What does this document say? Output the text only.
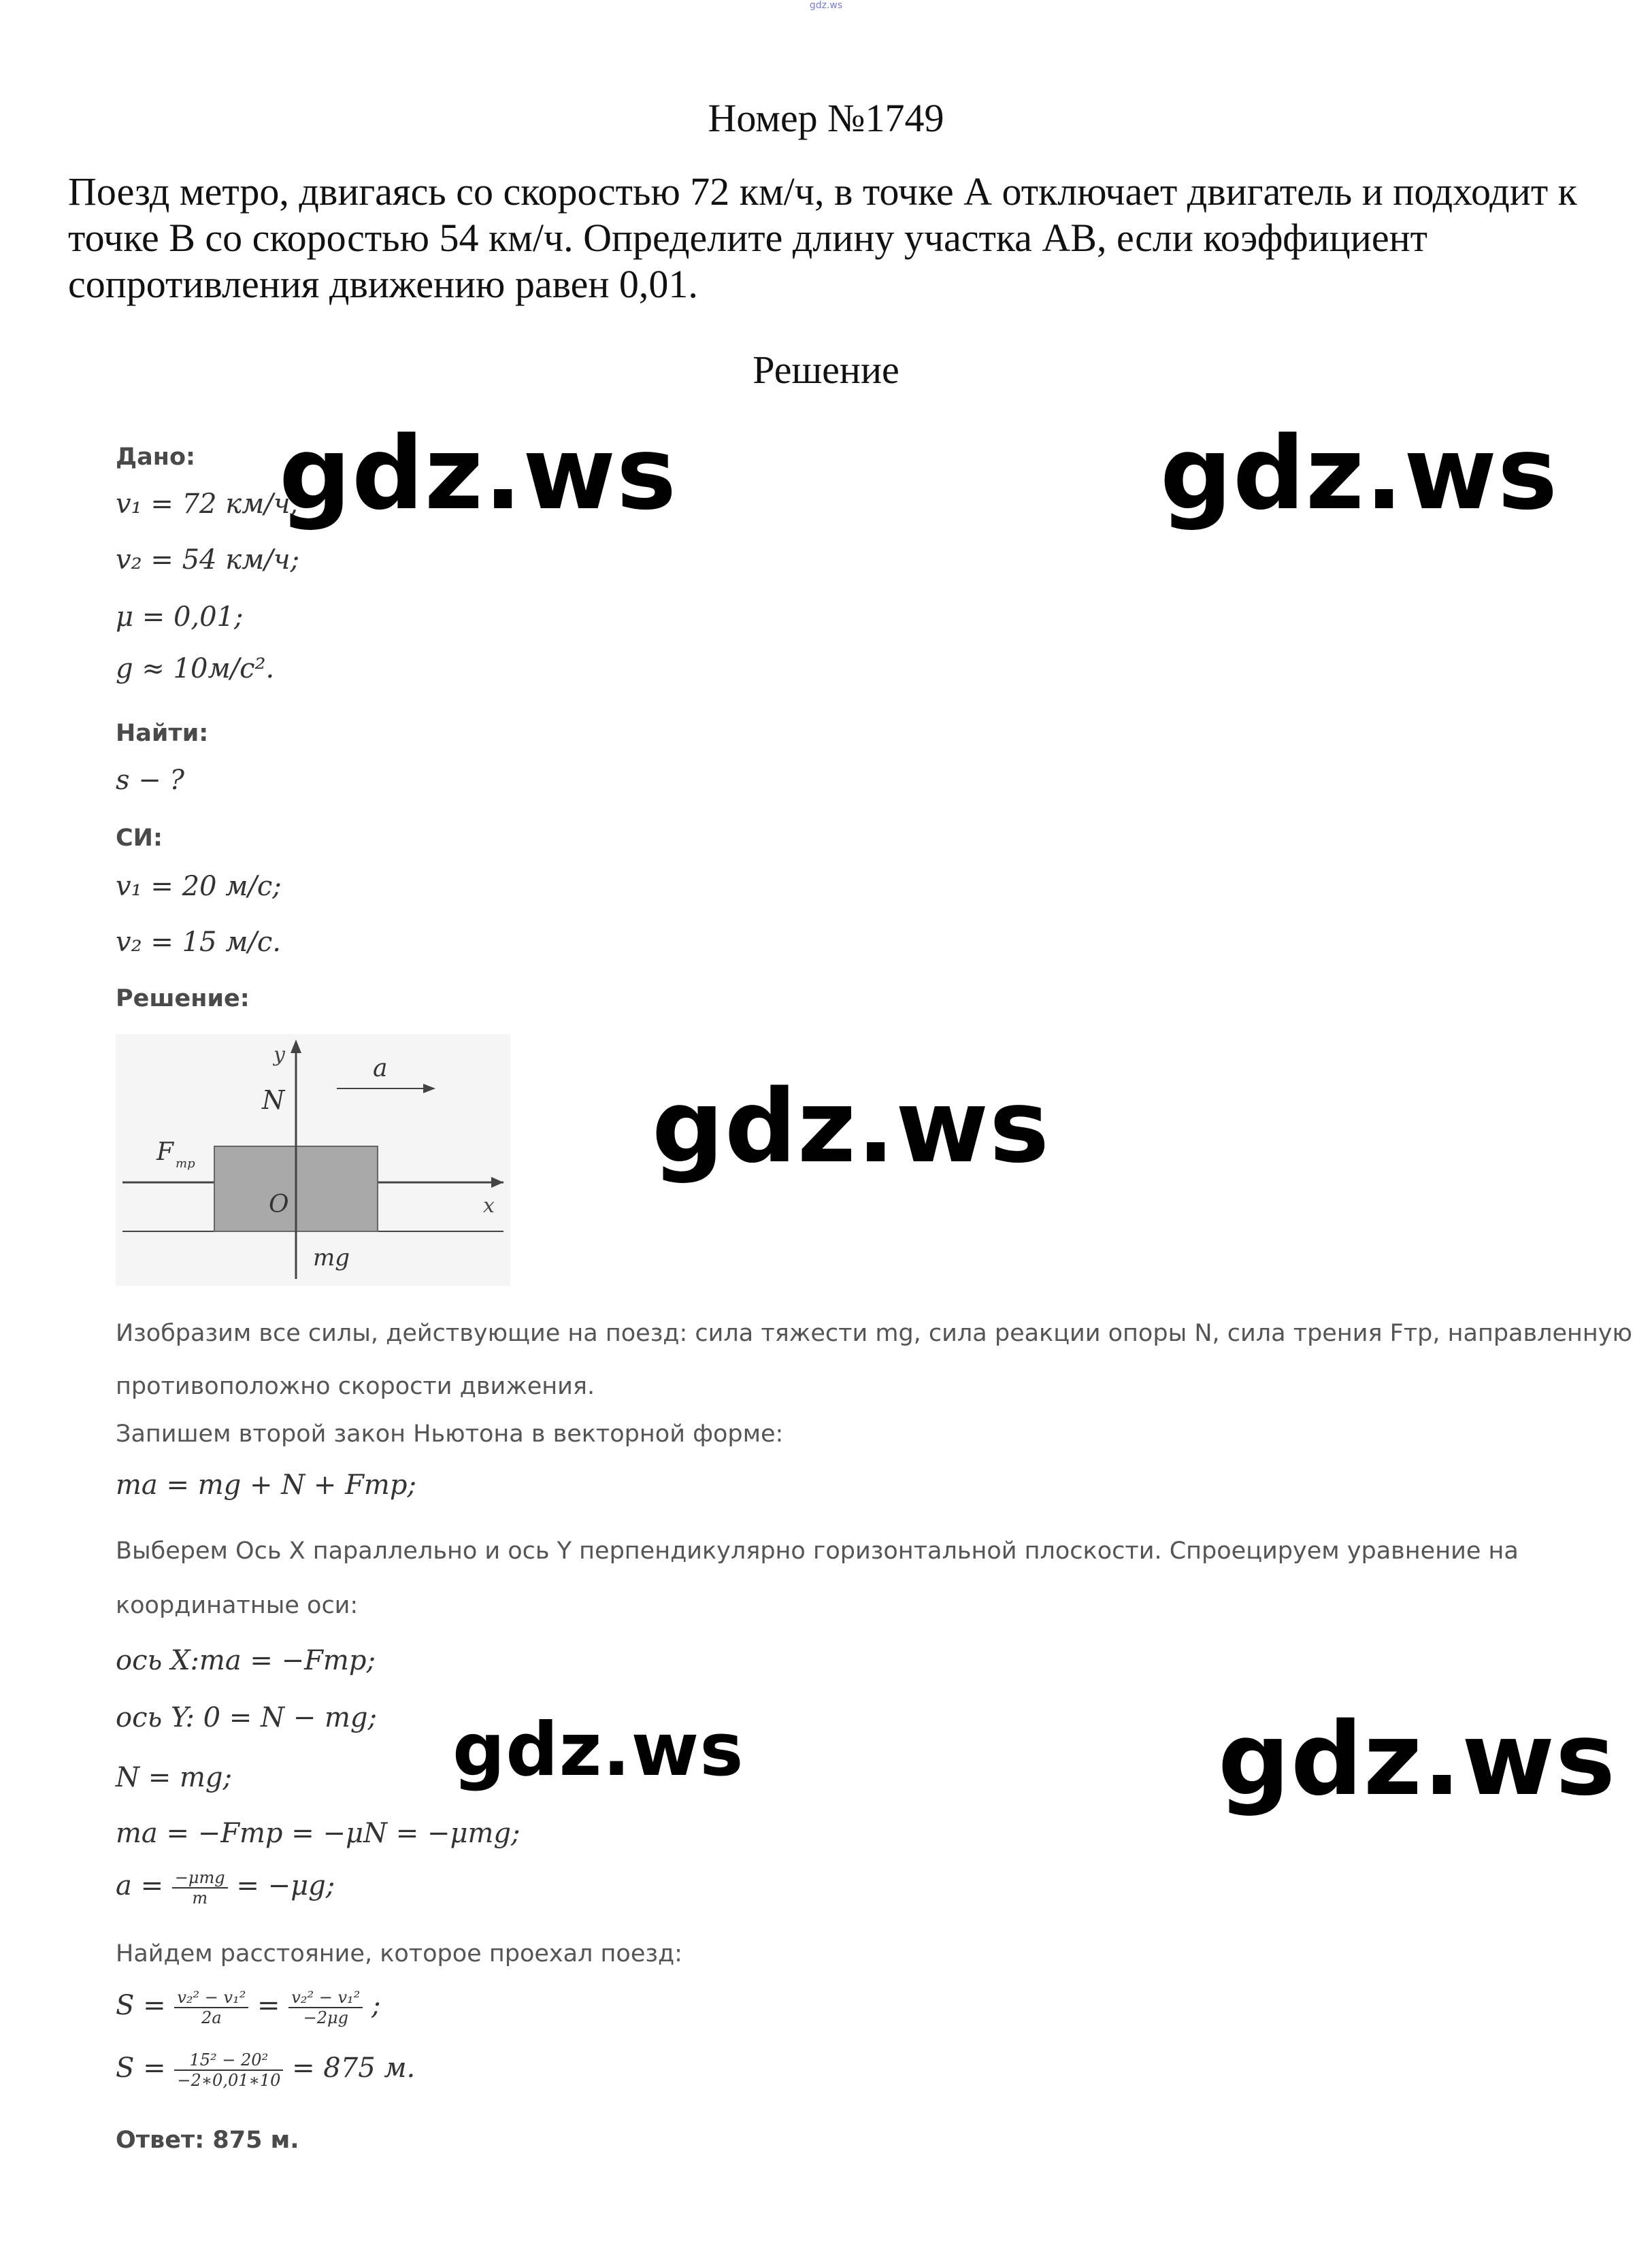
gdz.ws
Номер №1749
Поезд метро, двигаясь со скоростью 72 км/ч, в точке А отключает двигатель и подходит к точке В со скоростью 54 км/ч. Определите длину участка АВ, если коэффициент сопротивления движению равен 0,01.
Решение
Дано:
v₁ = 72 км/ч;
v₂ = 54 км/ч;
μ = 0,01;
g ≈ 10м/с².
Найти:
s − ?
СИ:
v₁ = 20 м/с;
v₂ = 15 м/с.
Решение:
Изобразим все силы, действующие на поезд: сила тяжести mg, сила реакции опоры N, сила трения Fтр, направленную
противоположно скорости движения.
Запишем второй закон Ньютона в векторной форме:
ma = mg + N + Fтр;
Выберем Ось X параллельно и ось Y перпендикулярно горизонтальной плоскости. Спроецируем уравнение на
координатные оси:
ось X:ma = −Fтр;
ось Y: 0 = N − mg;
N = mg;
ma = −Fтр = −μN = −μmg;
$a = \frac{\text{−μmg}}{m} = -\mu g$;
Найдем расстояние, которое проехал поезд:
$S = \frac{\text{v₂² − v₁²}}{2a} = \frac{\text{v₂² − v₁²}}{-2\mu g}$ ;
$S = \frac{\text{15² − 20²}}{-2∗0,01∗10} = 875$ м.
Ответ: 875 м.
y	a
N
F тр
O	x
mg
gdz.ws	gdz.ws
gdz.ws
gdz.ws	gdz.ws
